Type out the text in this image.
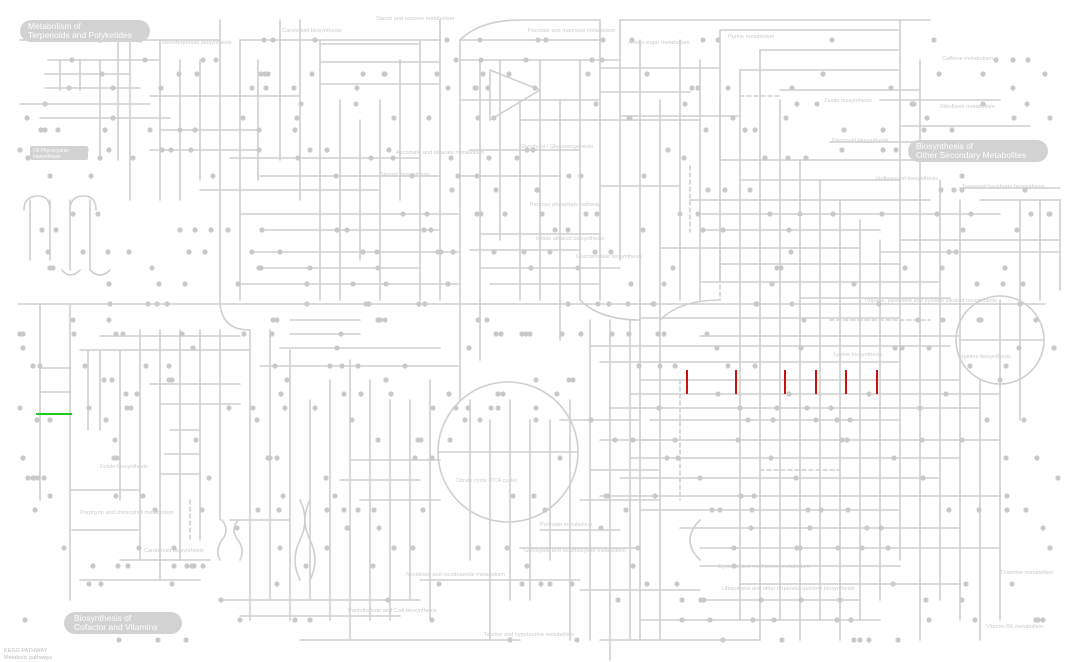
Monoterpenoid biosynthesis
Carotenoid biosynthesis
Starch and sucrose metabolism
Fructose and mannose metabolism
Amino sugar metabolism
Purine metabolism
Caffeine metabolism
Riboflavin metabolism
Zeatin biosynthesis
Flavonoid biosynthesis
Isoflavonoid biosynthesis
Terpenoid backbone biosynthesis
Steroid biosynthesis
Ascorbate and aldarate metabolism
Glycolysis / Gluconeogenesis
Pentose phosphate pathway
Citrate cycle (TCA cycle)
Indole alkaloid biosynthesis
Glucosinolate biosynthesis
Tropane, piperidine and pyridine alkaloid biosynthesis
Arginine biosynthesis
Lysine biosynthesis
Folate biosynthesis
Carotenoid biosynthesis
Porphyrin and chlorophyll metabolism
Glyoxylate and dicarboxylate metabolism
Pyruvate metabolism
Nicotinate and nicotinamide metabolism
Pantothenate and CoA biosynthesis
Taurine and hypotaurine metabolism
Cysteine and methionine metabolism
Ubiquinone and other terpenoid-quinone biosynthesis
Thiamine metabolism
Vitamin B6 metabolism
Metabolism of
Terpenoids and Polyketides
Biosynthesis of
Other Secondary Metabolites
Biosynthesis of
Cofactor and Vitamins
Oil Phycocyanin
biosynthesis
KEGG PATHWAY
Metabolic pathways
